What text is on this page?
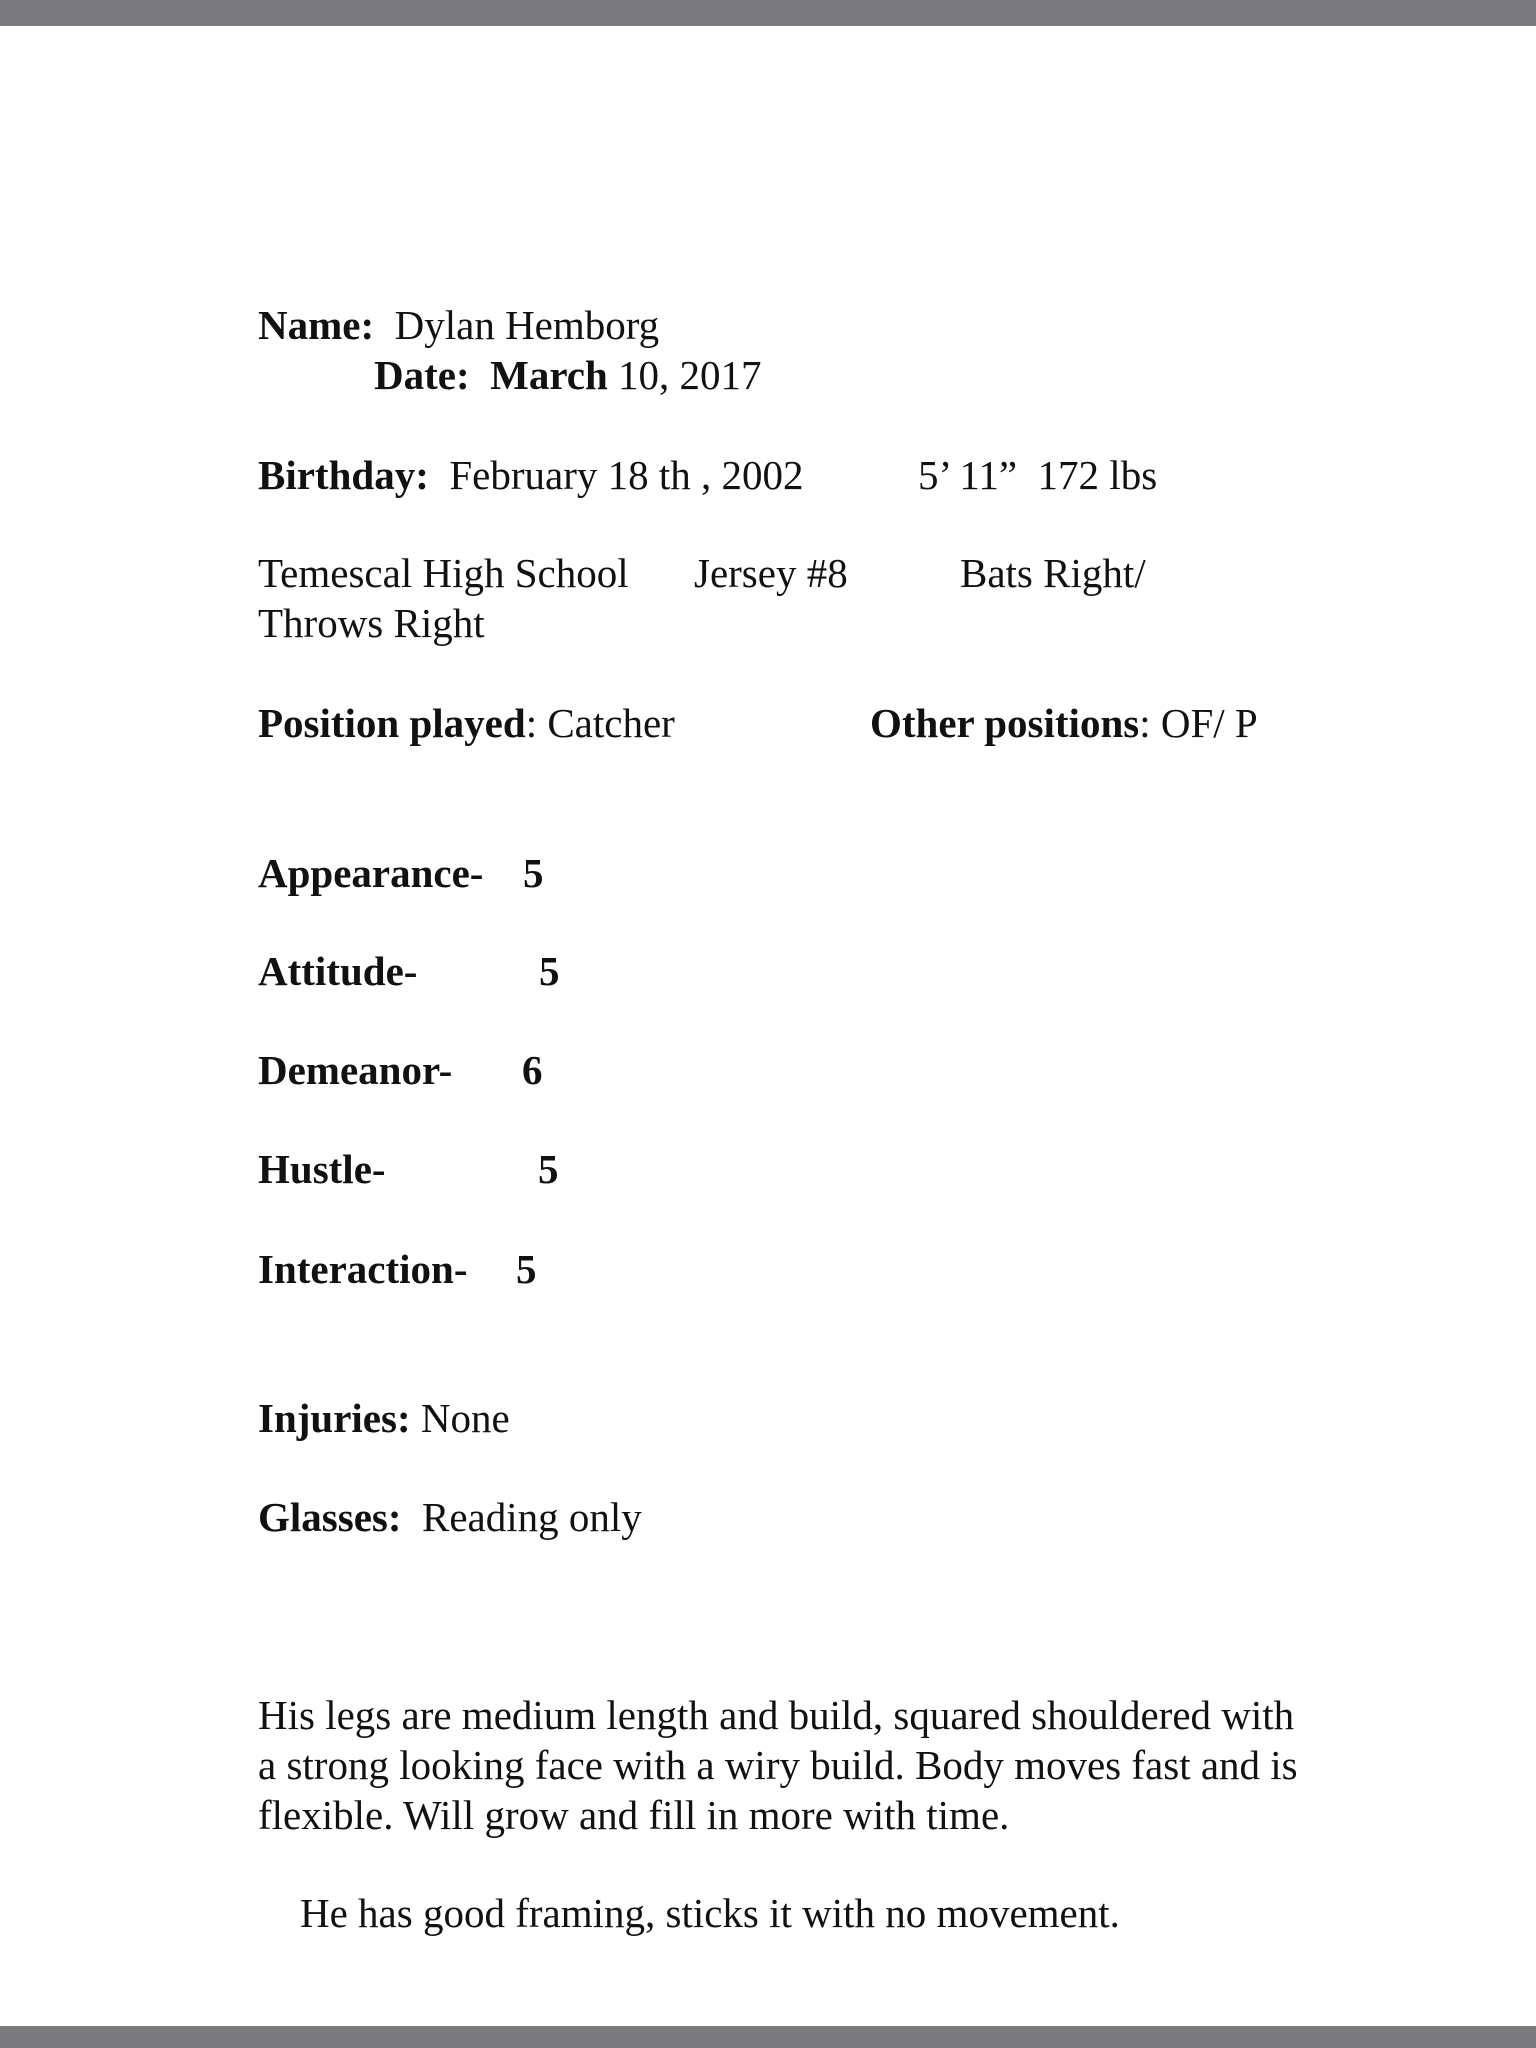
Name: Dylan Hemborg
Date: March 10, 2017
Birthday: February 18 th , 2002	5’ 11” 172 lbs
Temescal High School Jersey #8	Bats Right/
Throws Right
Position played: Catcher	Other positions: OF/ P
Appearance- 5
Attitude-	5
Demeanor- 6
Hustle-	5
Interaction- 5
Injuries: None
Glasses: Reading only
His legs are medium length and build, squared shouldered with a strong looking face with a wiry build. Body moves fast and is flexible. Will grow and fill in more with time.
He has good framing, sticks it with no movement.
